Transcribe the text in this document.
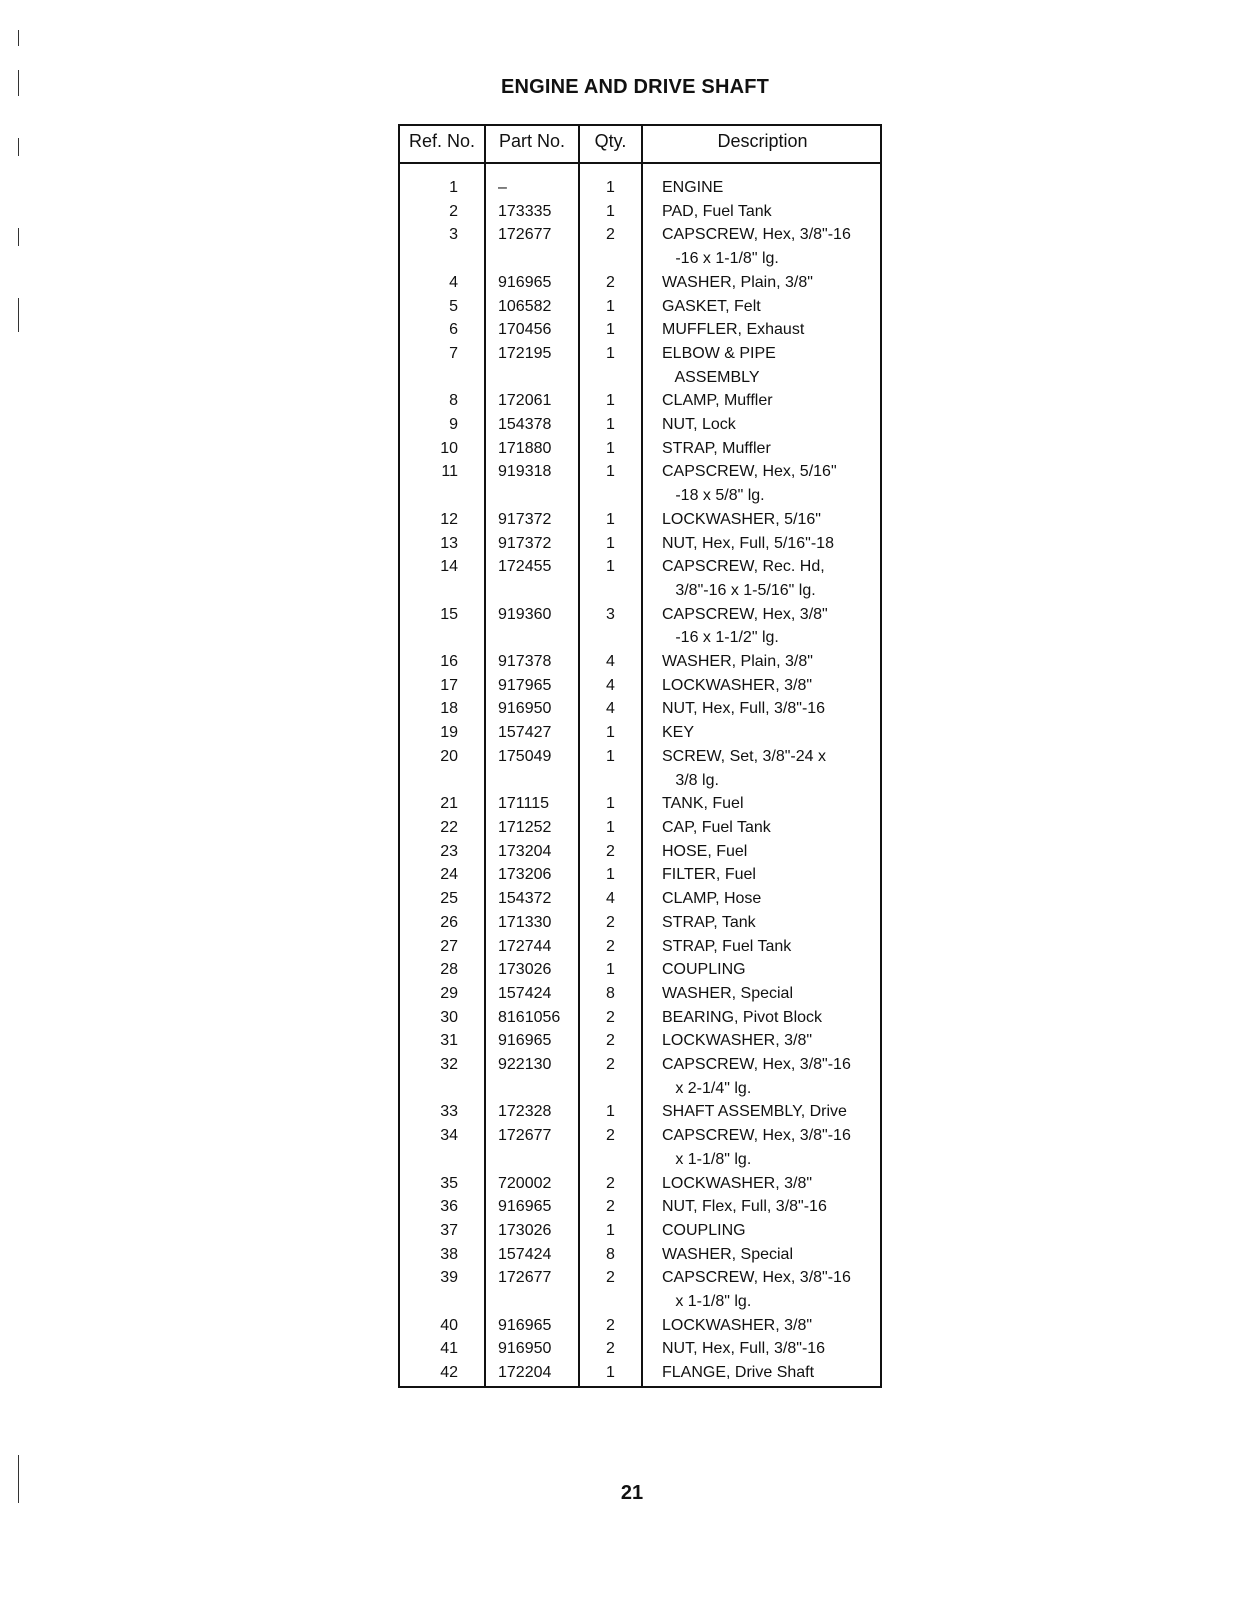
ENGINE AND DRIVE SHAFT
Ref. No.	Part No.	Qty.	Description
1	–	1	ENGINE
2	173335	1	PAD, Fuel Tank
3	172677	2	CAPSCREW, Hex, 3/8"-16
-16 x 1-1/8" lg.
4	916965	2	WASHER, Plain, 3/8"
5	106582	1	GASKET, Felt
6	170456	1	MUFFLER, Exhaust
7	172195	1	ELBOW & PIPE
ASSEMBLY
8	172061	1	CLAMP, Muffler
9	154378	1	NUT, Lock
10	171880	1	STRAP, Muffler
11	919318	1	CAPSCREW, Hex, 5/16"
-18 x 5/8" lg.
12	917372	1	LOCKWASHER, 5/16"
13	917372	1	NUT, Hex, Full, 5/16"-18
14	172455	1	CAPSCREW, Rec. Hd,
3/8"-16 x 1-5/16" lg.
15	919360	3	CAPSCREW, Hex, 3/8"
-16 x 1-1/2" lg.
16	917378	4	WASHER, Plain, 3/8"
17	917965	4	LOCKWASHER, 3/8"
18	916950	4	NUT, Hex, Full, 3/8"-16
19	157427	1	KEY
20	175049	1	SCREW, Set, 3/8"-24 x
3/8 lg.
21	171115	1	TANK, Fuel
22	171252	1	CAP, Fuel Tank
23	173204	2	HOSE, Fuel
24	173206	1	FILTER, Fuel
25	154372	4	CLAMP, Hose
26	171330	2	STRAP, Tank
27	172744	2	STRAP, Fuel Tank
28	173026	1	COUPLING
29	157424	8	WASHER, Special
30	8161056	2	BEARING, Pivot Block
31	916965	2	LOCKWASHER, 3/8"
32	922130	2	CAPSCREW, Hex, 3/8"-16
x 2-1/4" lg.
33	172328	1	SHAFT ASSEMBLY, Drive
34	172677	2	CAPSCREW, Hex, 3/8"-16
x 1-1/8" lg.
35	720002	2	LOCKWASHER, 3/8"
36	916965	2	NUT, Flex, Full, 3/8"-16
37	173026	1	COUPLING
38	157424	8	WASHER, Special
39	172677	2	CAPSCREW, Hex, 3/8"-16
x 1-1/8" lg.
40	916965	2	LOCKWASHER, 3/8"
41	916950	2	NUT, Hex, Full, 3/8"-16
42	172204	1	FLANGE, Drive Shaft
21
